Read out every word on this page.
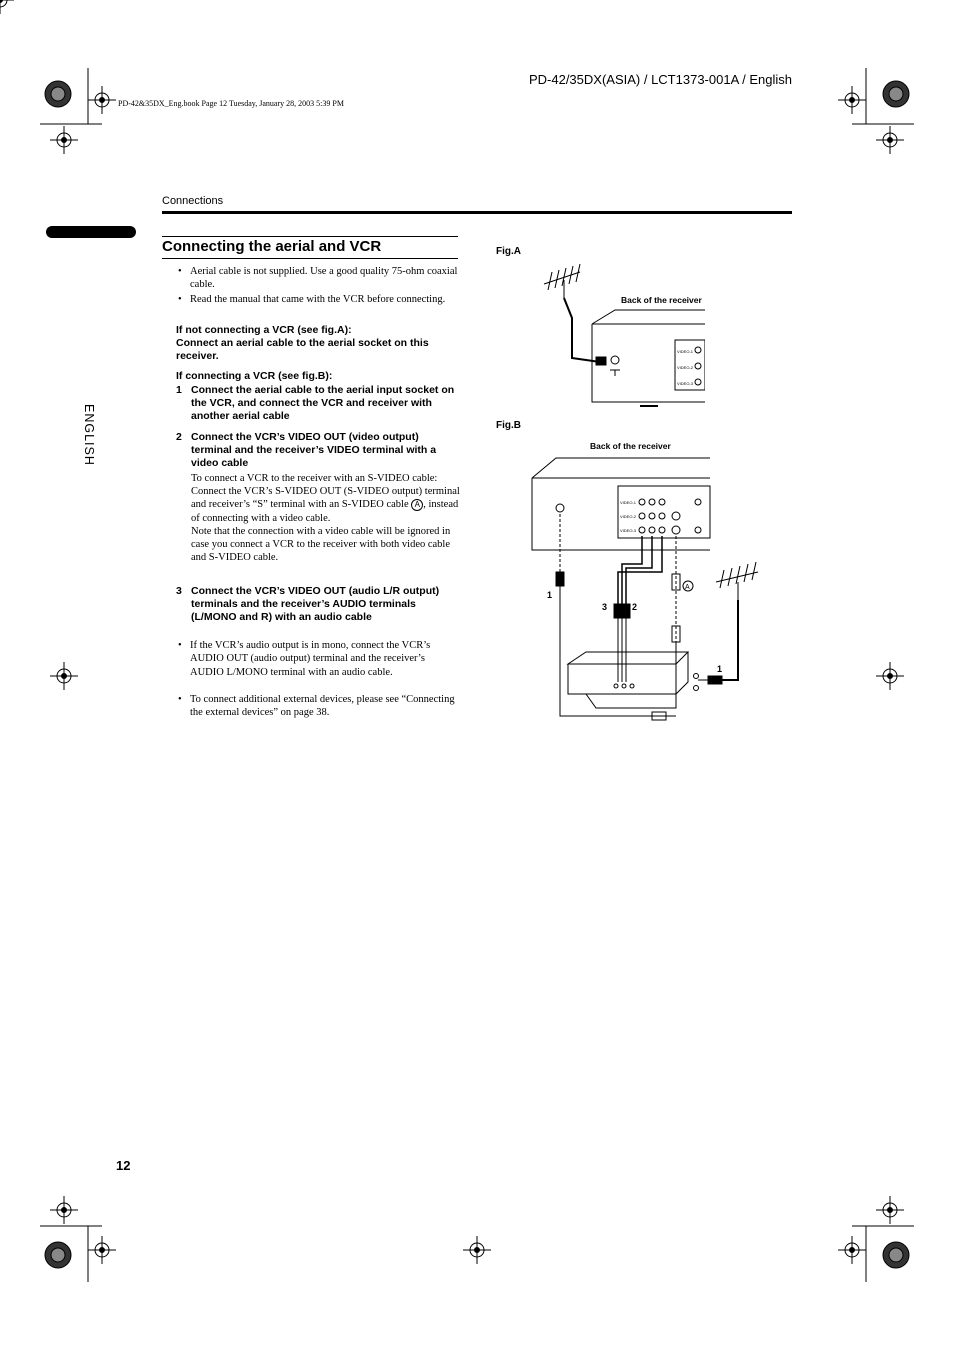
PD-42/35DX(ASIA) / LCT1373-001A / English
PD-42&35DX_Eng.book Page 12 Tuesday, January 28, 2003 5:39 PM
Connections
ENGLISH
Connecting the aerial and VCR
• Aerial cable is not supplied. Use a good quality 75-ohm coaxial cable.
• Read the manual that came with the VCR before connecting.
If not connecting a VCR (see fig.A):
Connect an aerial cable to the aerial socket on this receiver.
If connecting a VCR (see fig.B):
1 Connect the aerial cable to the aerial input socket on the VCR, and connect the VCR and receiver with another aerial cable
2 Connect the VCR’s VIDEO OUT (video output) terminal and the receiver’s VIDEO terminal with a video cable
To connect a VCR to the receiver with an S-VIDEO cable:
Connect the VCR’s S-VIDEO OUT (S-VIDEO output) terminal and receiver’s “S” terminal with an S-VIDEO cable A , instead of connecting with a video cable.
Note that the connection with a video cable will be ignored in case you connect a VCR to the receiver with both video cable and S-VIDEO cable.
3 Connect the VCR’s VIDEO OUT (audio L/R output) terminals and the receiver’s AUDIO terminals (L/MONO and R) with an audio cable
• If the VCR’s audio output is in mono, connect the VCR’s AUDIO OUT (audio output) terminal and the receiver’s AUDIO L/MONO terminal with an audio cable.
• To connect additional external devices, please see “Connecting the external devices” on page 38.
Fig.A
Back of the receiver
VIDEO-1
VIDEO-2
VIDEO-3
Fig.B
Back of the receiver
VIDEO-1
VIDEO-2
VIDEO-3
1
3	2
1
A
12
